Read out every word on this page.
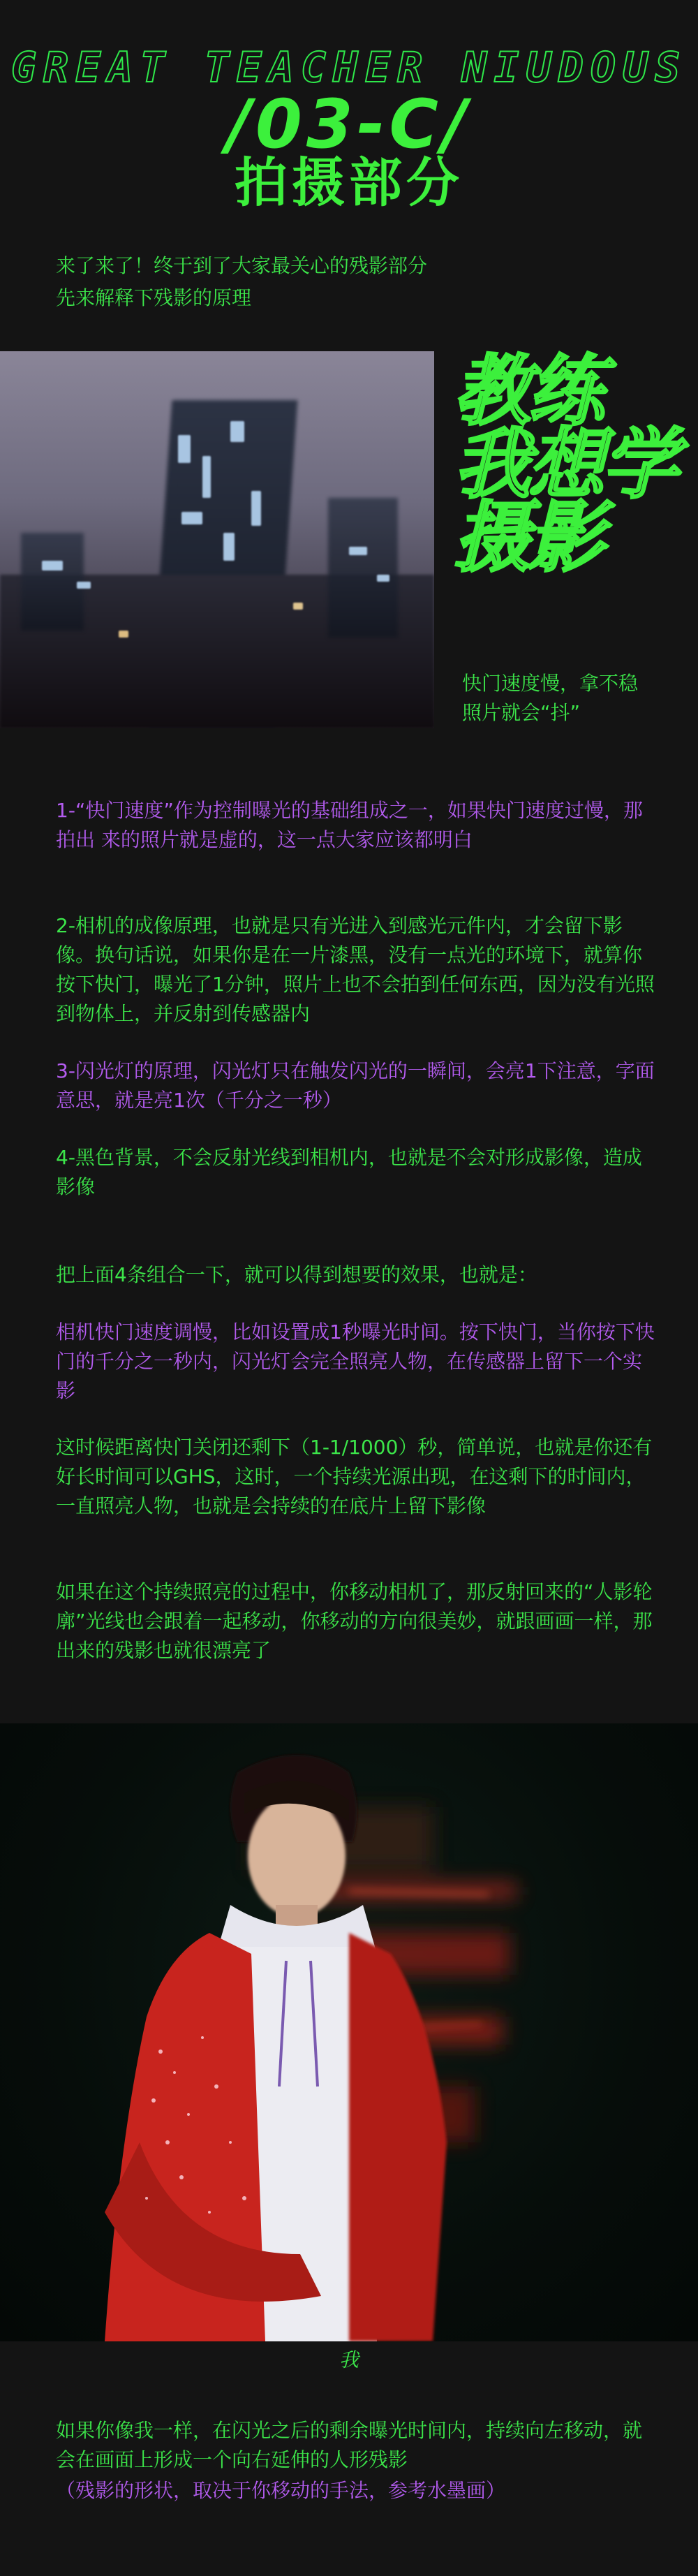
GREAT TEACHER NIUDOUS
/03-C/
拍摄部分
来了来了！终于到了大家最关心的残影部分
先来解释下残影的原理
教练
我想学
摄影
快门速度慢，拿不稳
照片就会“抖”
1-“快门速度”作为控制曝光的基础组成之一，如果快门速度过慢，那拍出 来的照片就是虚的，这一点大家应该都明白
2-相机的成像原理，也就是只有光进入到感光元件内，才会留下影像。换句话说，如果你是在一片漆黑，没有一点光的环境下，就算你按下快门，曝光了1分钟，照片上也不会拍到任何东西，因为没有光照到物体上，并反射到传感器内
3-闪光灯的原理，闪光灯只在触发闪光的一瞬间，会亮1下注意，字面意思，就是亮1次（千分之一秒）
4-黑色背景，不会反射光线到相机内，也就是不会对形成影像，造成影像
把上面4条组合一下，就可以得到想要的效果，也就是：
相机快门速度调慢，比如设置成1秒曝光时间。按下快门，当你按下快门的千分之一秒内，闪光灯会完全照亮人物，在传感器上留下一个实影
这时候距离快门关闭还剩下（1-1/1000）秒，简单说，也就是你还有好长时间可以GHS，这时，一个持续光源出现，在这剩下的时间内，一直照亮人物，也就是会持续的在底片上留下影像
如果在这个持续照亮的过程中，你移动相机了，那反射回来的“人影轮廓”光线也会跟着一起移动，你移动的方向很美妙，就跟画画一样，那出来的残影也就很漂亮了
我
如果你像我一样，在闪光之后的剩余曝光时间内，持续向左移动，就会在画面上形成一个向右延伸的人形残影
（残影的形状，取决于你移动的手法，参考水墨画）
